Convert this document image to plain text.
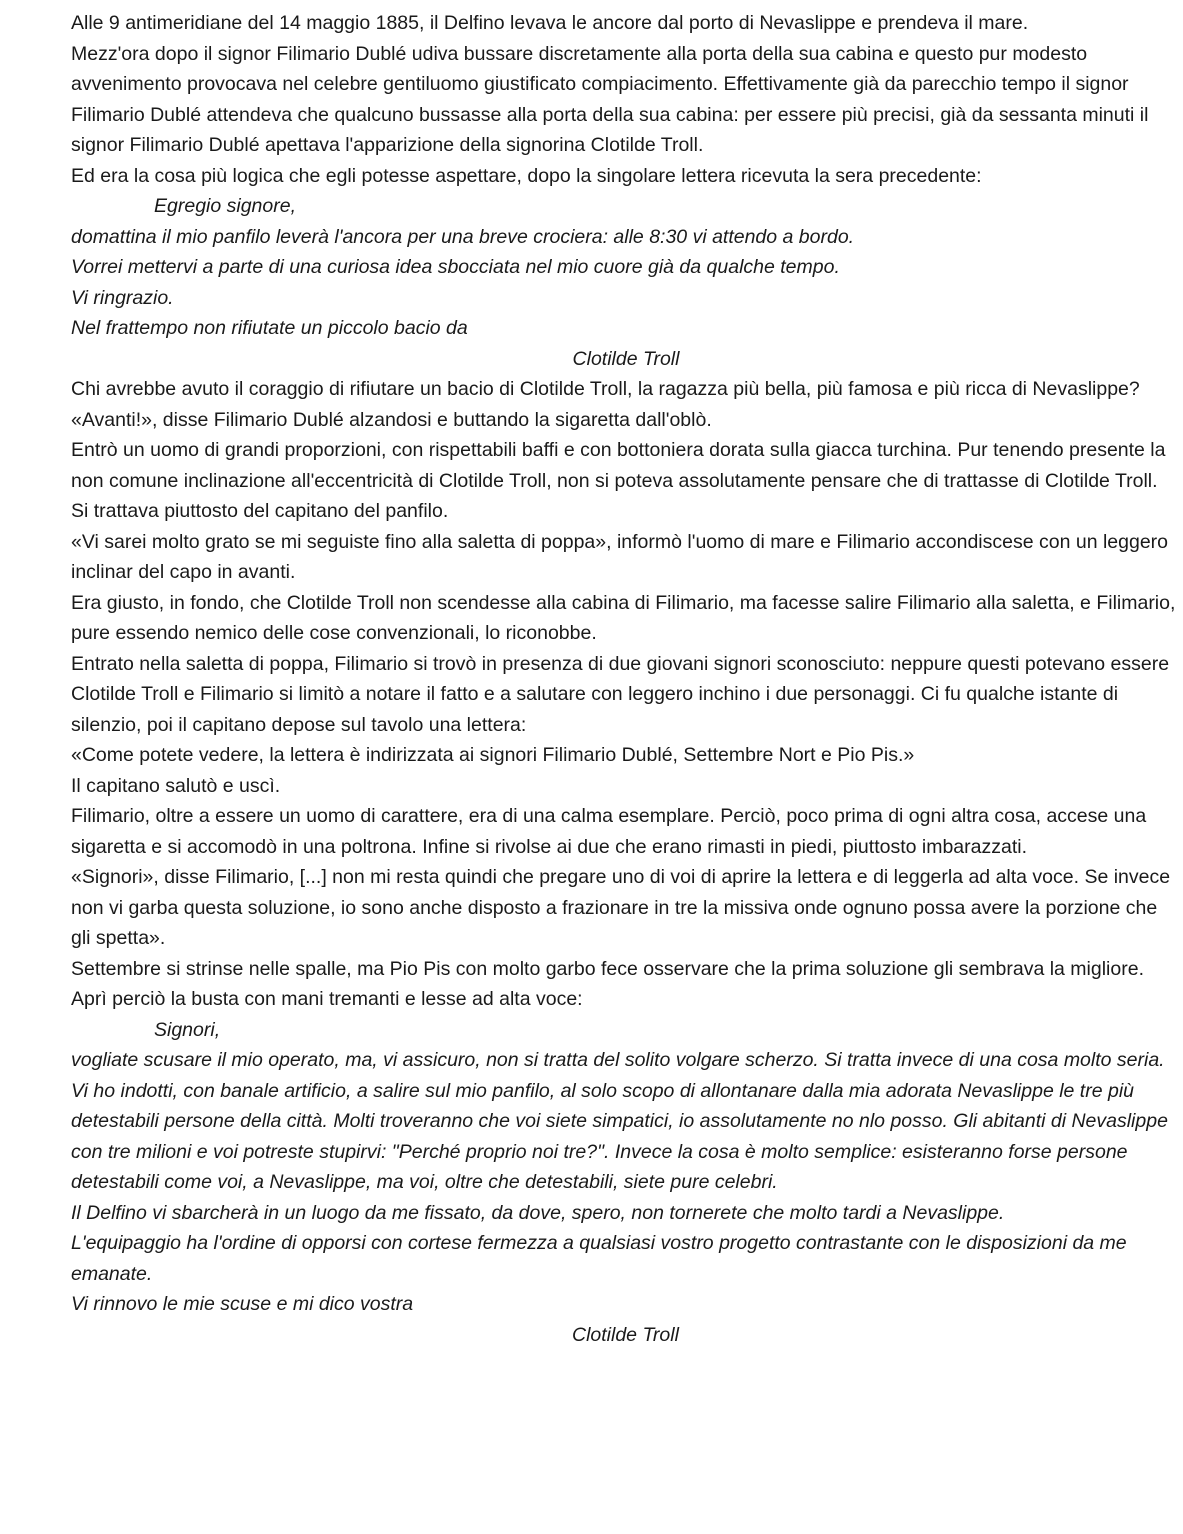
Alle 9 antimeridiane del 14 maggio 1885, il Delfino levava le ancore dal porto di Nevaslippe e prendeva il mare.

Mezz'ora dopo il signor Filimario Dublé udiva bussare discretamente alla porta della sua cabina e questo pur modesto avvenimento provocava nel celebre gentiluomo giustificato compiacimento. Effettivamente già da parecchio tempo il signor Filimario Dublé attendeva che qualcuno bussasse alla porta della sua cabina: per essere più precisi, già da sessanta minuti il signor Filimario Dublé apettava l'apparizione della signorina Clotilde Troll.

Ed era la cosa più logica che egli potesse aspettare, dopo la singolare lettera ricevuta la sera precedente:

Egregio signore,

domattina il mio panfilo leverà l'ancora per una breve crociera: alle 8:30 vi attendo a bordo.

Vorrei mettervi a parte di una curiosa idea sbocciata nel mio cuore già da qualche tempo.

Vi ringrazio.

Nel frattempo non rifiutate un piccolo bacio da

Clotilde Troll

Chi avrebbe avuto il coraggio di rifiutare un bacio di Clotilde Troll, la ragazza più bella, più famosa e più ricca di Nevaslippe?

«Avanti!», disse Filimario Dublé alzandosi e buttando la sigaretta dall'oblò.

Entrò un uomo di grandi proporzioni, con rispettabili baffi e con bottoniera dorata sulla giacca turchina. Pur tenendo presente la non comune inclinazione all'eccentricità di Clotilde Troll, non si poteva assolutamente pensare che di trattasse di Clotilde Troll.

Si trattava piuttosto del capitano del panfilo.

«Vi sarei molto grato se mi seguiste fino alla saletta di poppa», informò l'uomo di mare e Filimario accondiscese con un leggero inclinar del capo in avanti.

Era giusto, in fondo, che Clotilde Troll non scendesse alla cabina di Filimario, ma facesse salire Filimario alla saletta, e Filimario, pure essendo nemico delle cose convenzionali, lo riconobbe.

Entrato nella saletta di poppa, Filimario si trovò in presenza di due giovani signori sconosciuto: neppure questi potevano essere Clotilde Troll e Filimario si limitò a notare il fatto e a salutare con leggero inchino i due personaggi. Ci fu qualche istante di silenzio, poi il capitano depose sul tavolo una lettera:

«Come potete vedere, la lettera è indirizzata ai signori Filimario Dublé, Settembre Nort e Pio Pis.»

Il capitano salutò e uscì.

Filimario, oltre a essere un uomo di carattere, era di una calma esemplare. Perciò, poco prima di ogni altra cosa, accese una sigaretta e si accomodò in una poltrona. Infine si rivolse ai due che erano rimasti in piedi, piuttosto imbarazzati.

«Signori», disse Filimario, [...] non mi resta quindi che pregare uno di voi di aprire la lettera e di leggerla ad alta voce. Se invece non vi garba questa soluzione, io sono anche disposto a frazionare in tre la missiva onde ognuno possa avere la porzione che gli spetta».

Settembre si strinse nelle spalle, ma Pio Pis con molto garbo fece osservare che la prima soluzione gli sembrava la migliore. Aprì perciò la busta con mani tremanti e lesse ad alta voce:

Signori,

vogliate scusare il mio operato, ma, vi assicuro, non si tratta del solito volgare scherzo. Si tratta invece di una cosa molto seria.

Vi ho indotti, con banale artificio, a salire sul mio panfilo, al solo scopo di allontanare dalla mia adorata Nevaslippe le tre più detestabili persone della città. Molti troveranno che voi siete simpatici, io assolutamente no nlo posso. Gli abitanti di Nevaslippe con tre milioni e voi potreste stupirvi: "Perché proprio noi tre?". Invece la cosa è molto semplice: esisteranno forse persone detestabili come voi, a Nevaslippe, ma voi, oltre che detestabili, siete pure celebri.

Il Delfino vi sbarcherà in un luogo da me fissato, da dove, spero, non tornerete che molto tardi a Nevaslippe.

L'equipaggio ha l'ordine di opporsi con cortese fermezza a qualsiasi vostro progetto contrastante con le disposizioni da me emanate.

Vi rinnovo le mie scuse e mi dico vostra

Clotilde Troll
